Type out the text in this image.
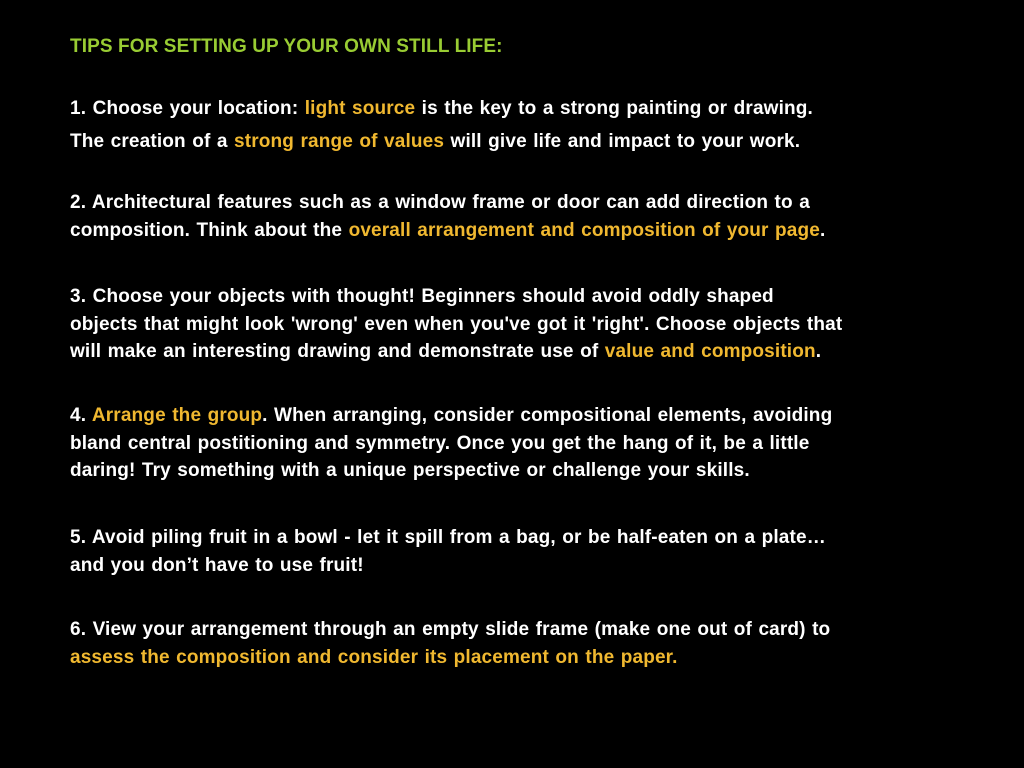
TIPS FOR SETTING UP YOUR OWN STILL LIFE:

1. Choose your location: light source is the key to a strong painting or drawing.
The creation of a strong range of values will give life and impact to your work.

2. Architectural features such as a window frame or door can add direction to a
composition. Think about the overall arrangement and composition of your page.

3. Choose your objects with thought! Beginners should avoid oddly shaped
objects that might look 'wrong' even when you've got it 'right'. Choose objects that
will make an interesting drawing and demonstrate use of value and composition.

4. Arrange the group. When arranging, consider compositional elements, avoiding
bland central postitioning and symmetry. Once you get the hang of it, be a little
daring! Try something with a unique perspective or challenge your skills.

5. Avoid piling fruit in a bowl - let it spill from a bag, or be half-eaten on a plate…
and you don’t have to use fruit!

6. View your arrangement through an empty slide frame (make one out of card) to
assess the composition and consider its placement on the paper.
